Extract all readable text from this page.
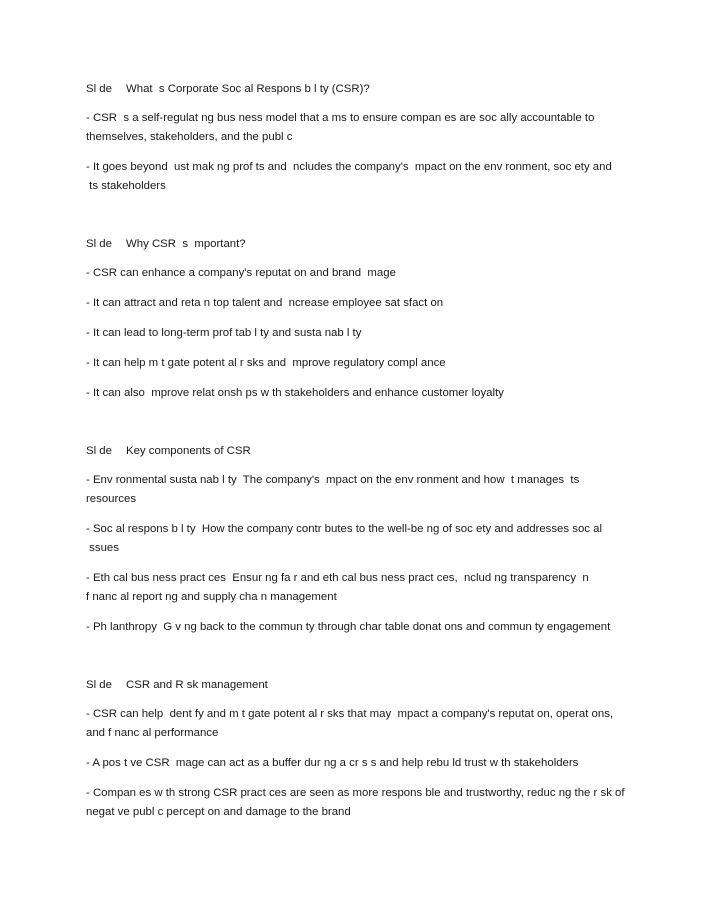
Sl de	What  s Corporate Soc al Respons b l ty (CSR)?
- CSR  s a self-regulat ng bus ness model that a ms to ensure compan es are soc ally accountable to
themselves, stakeholders, and the publ c
- It goes beyond  ust mak ng prof ts and  ncludes the company's  mpact on the env ronment, soc ety and
ts stakeholders
Sl de	Why CSR  s  mportant?
- CSR can enhance a company's reputat on and brand  mage
- It can attract and reta n top talent and  ncrease employee sat sfact on
- It can lead to long-term prof tab l ty and susta nab l ty
- It can help m t gate potent al r sks and  mprove regulatory compl ance
- It can also  mprove relat onsh ps w th stakeholders and enhance customer loyalty
Sl de	Key components of CSR
- Env ronmental susta nab l ty  The company's  mpact on the env ronment and how  t manages  ts
resources
- Soc al respons b l ty  How the company contr butes to the well-be ng of soc ety and addresses soc al
ssues
- Eth cal bus ness pract ces  Ensur ng fa r and eth cal bus ness pract ces,  nclud ng transparency  n
f nanc al report ng and supply cha n management
- Ph lanthropy  G v ng back to the commun ty through char table donat ons and commun ty engagement
Sl de	CSR and R sk management
- CSR can help  dent fy and m t gate potent al r sks that may  mpact a company's reputat on, operat ons,
and f nanc al performance
- A pos t ve CSR  mage can act as a buffer dur ng a cr s s and help rebu ld trust w th stakeholders
- Compan es w th strong CSR pract ces are seen as more respons ble and trustworthy, reduc ng the r sk of
negat ve publ c percept on and damage to the brand
